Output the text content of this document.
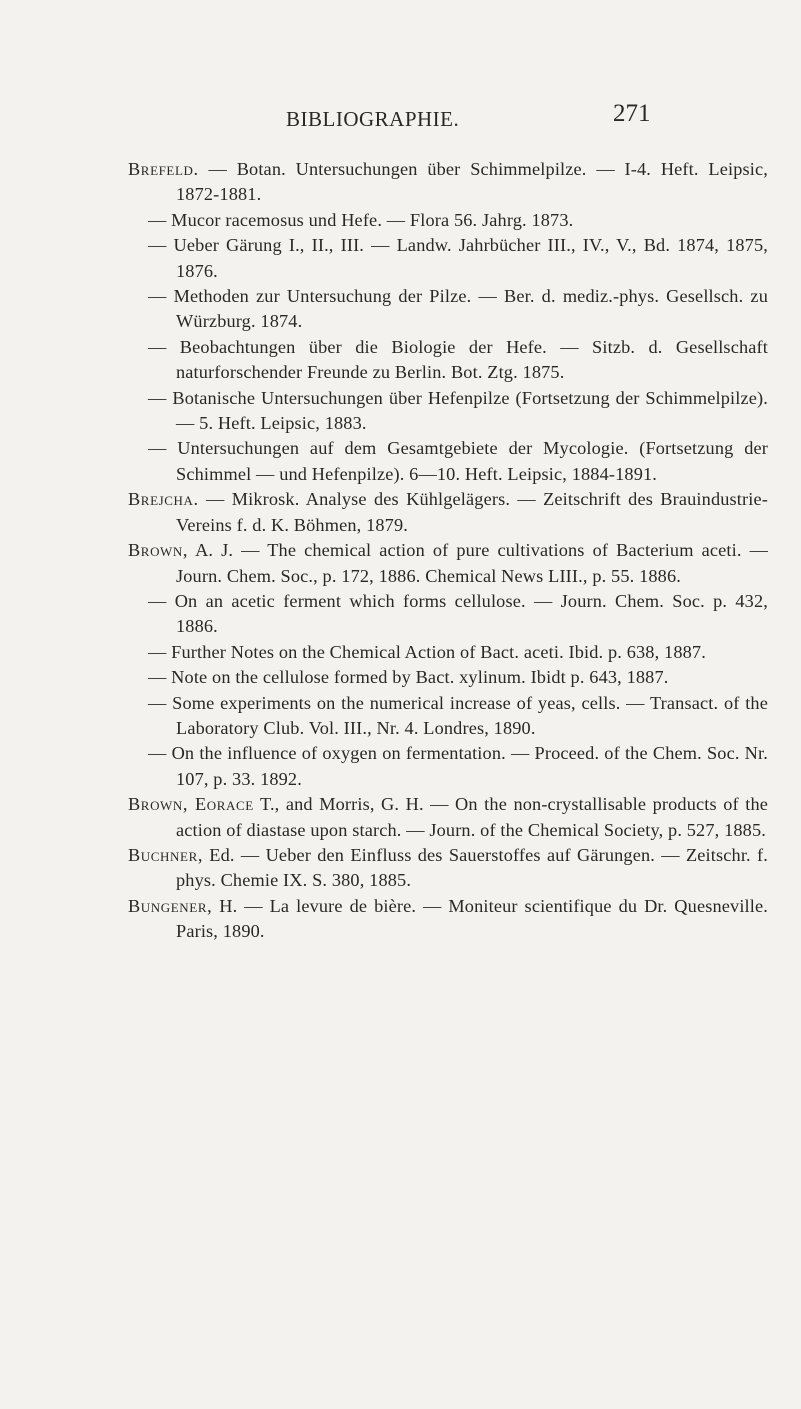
BIBLIOGRAPHIE.	271
Brefeld. — Botan. Untersuchungen über Schimmelpilze. — I-4. Heft. Leipsic, 1872-1881.
— Mucor racemosus und Hefe. — Flora 56. Jahrg. 1873.
— Ueber Gärung I., II., III. — Landw. Jahrbücher III., IV., V., Bd. 1874, 1875, 1876.
— Methoden zur Untersuchung der Pilze. — Ber. d. medіz.-phys. Gesellsch. zu Würzburg. 1874.
— Beobachtungen über die Biologie der Hefe. — Sitzb. d. Gesellschaft naturforschender Freunde zu Berlin. Bot. Ztg. 1875.
— Botanische Untersuchungen über Hefenpilze (Fortsetzung der Schimmelpilze). — 5. Heft. Leipsic, 1883.
— Untersuchungen auf dem Gesamtgebiete der Mycologie. (Fortsetzung der Schimmel — und Hefenpilze). 6—10. Heft. Leipsic, 1884-1891.
Brejcha. — Mikrosk. Analyse des Kühlgelägers. — Zeitschrift des Brauindustrie-Vereins f. d. K. Böhmen, 1879.
Brown, A. J. — The chemical action of pure cultivations of Bacterium aceti. — Journ. Chem. Soc., p. 172, 1886. Chemical News LIII., p. 55. 1886.
— On an acetic ferment which forms cellulose. — Journ. Chem. Soc. p. 432, 1886.
— Further Notes on the Chemical Action of Bact. aceti. Ibid. p. 638, 1887.
— Note on the cellulose formed by Bact. xylinum. Ibidt p. 643, 1887.
— Some experiments on the numerical increase of yeas, cells. — Transact. of the Laboratory Club. Vol. III., Nr. 4. Londres, 1890.
— On the influence of oxygen on fermentation. — Proceed. of the Chem. Soc. Nr. 107, p. 33. 1892.
Brown, Eorace T., and Morris, G. H. — On the non-crystallisable products of the action of diastase upon starch. — Journ. of the Chemical Society, p. 527, 1885.
Buchner, Ed. — Ueber den Einfluss des Sauerstoffes auf Gärungen. — Zeitschr. f. phys. Chemie IX. S. 380, 1885.
Bungener, H. — La levure de bière. — Moniteur scientifique du Dr. Quesneville. Paris, 1890.
